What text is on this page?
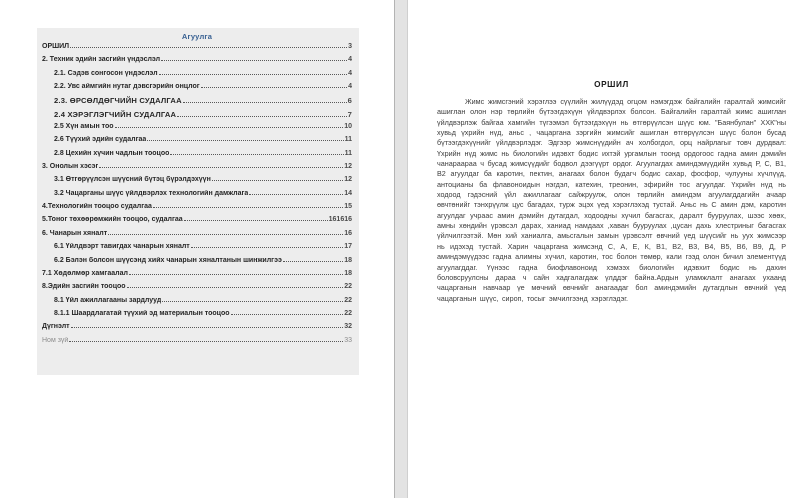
Агуулга
ОРШИЛ	3
2. Техник эдийн засгийн үндэслэл	4
2.1. Сэдэв сонгосон үндэслэл	4
2.2. Увс аймгийн нутаг дэвсгэрийн онцлог	4
2.3. ӨРСӨЛДӨГЧИЙН СУДАЛГАА	6
2.4 ХЭРЭГЛЭГЧИЙН СУДАЛГАА	7
2.5 Хүн амын тоо	10
2.6 Түүхий эдийн судалгаа	11
2.8 Цехийн хүчин чадлын тооцоо	11
3. Онолын хэсэг	12
3.1 Өтгөрүүлсэн шүүсний бүтэц бүрэлдэхүүн	12
3.2 Чацарганы шүүс үйлдвэрлэх технологийн дамжлага	14
4.Технологийн тооцоо судалгаа	15
5.Тоног төхөөрөмжийн тооцоо, судалгаа	161616
6. Чанарын хяналт	16
6.1 Үйлдвэрт тавигдах чанарын хяналт	17
6.2 Бэлэн болсон шүүсэнд хийх чанарын хяналтанын шинжилгээ	18
7.1 Хөдөлмөр хамгаалал	18
8.Эдийн засгийн тооцоо	22
8.1 Үйл ажиллагааны зардлууд	22
8.1.1 Шаардлагатай түүхий эд материалын тооцоо	22
Дүгнэлт	32
Ном зүй	33
ОРШИЛ
Жимс жимсгэний хэрэглээ сүүлийн жилүүдэд огцом нэмэгдэж байгалийн гаралтай жимсийг ашиглан олон нэр төрлийн бүтээгдэхүүн үйлдвэрлэх болсон. Байгалийн гаралтай жимс ашиглан үйлдвэрлэж байгаа хамгийн түгээмэл бүтээгдэхүүн нь өтгөрүүлсэн шүүс юм. "Баянбулан" ХХК"ны хувьд үхрийн нүд, аньс , чацаргана зэргийн жимсийг ашиглан өтгөрүүлсэн шүүс болон бусад бүтээгдэхүүнийг үйлдвэрлэдэг. Эдгээр жимснүүдийн ач холбогдол, орц найрлагыг товч дурдвал: Үхрийн нүд жимс нь биологийн идэвхт бодис ихтэй ургамлын тоонд ордогоос гадна амин дэмийн чанараараа ч бусад жимсүүдийг бодвол дээгүүрт ордог. Агуулагдах аминдэмүүдийн хувьд Р, С, В1, В2 агуулдаг ба каротин, пектин, анагаах болон будагч бодис сахар, фосфор, чулууны хүчлүүд, антоцианы ба флавоноидын нэгдэл, катехин, треонин, эфирийн тос агуулдаг. Үхрийн нүд нь ходоод гэдэсний үйл ажиллагааг сайжруулж, олон төрлийн аминдэм агуулагддагийн ачаар өвчтөнийг тэнхрүүлж цус багадах, турж эцэх үед хэрэглэхэд тустай. Аньс нь С амин дэм, каротин агуулдаг учраас амин дэмийн дутагдал, ходоодны хүчил багасгах, даралт бууруулах, шээс хөөх, амны хөндийн үрэвсэл дарах, ханиад намдаах ,хаван бууруулах ,цусан дахь хлестриныг багасгах үйлчилгээтэй. Мөн хий ханиалга, амьсгалын замын үрэвсэлт өвчний үед шүүсийг нь уух жимсээр нь идэхэд тустай. Харин чацаргана жимсэнд С, А, Е, К, В1, В2, В3, В4, В5, В6, В9, Д, Р аминдэмүүдээс гадна алимны хүчил, каротин, тос болон төмөр, кали гээд олон бичил элементүүд агуулагддаг. Үүнээс гадна биофлавоноид хэмээх биологийн идэвхит бодис нь дахин боловсруулсны дараа ч сайн хадгалагдаж үлддэг байна.Ардын уламжлалт анагаах ухаанд чацарганын навчаар үе мөчний өвчнийг анагаадаг бол аминдэмийн дутагдлын өвчний үед чацарганын шүүс, сироп, тосыг эмчилгээнд хэрэглэдэг.
